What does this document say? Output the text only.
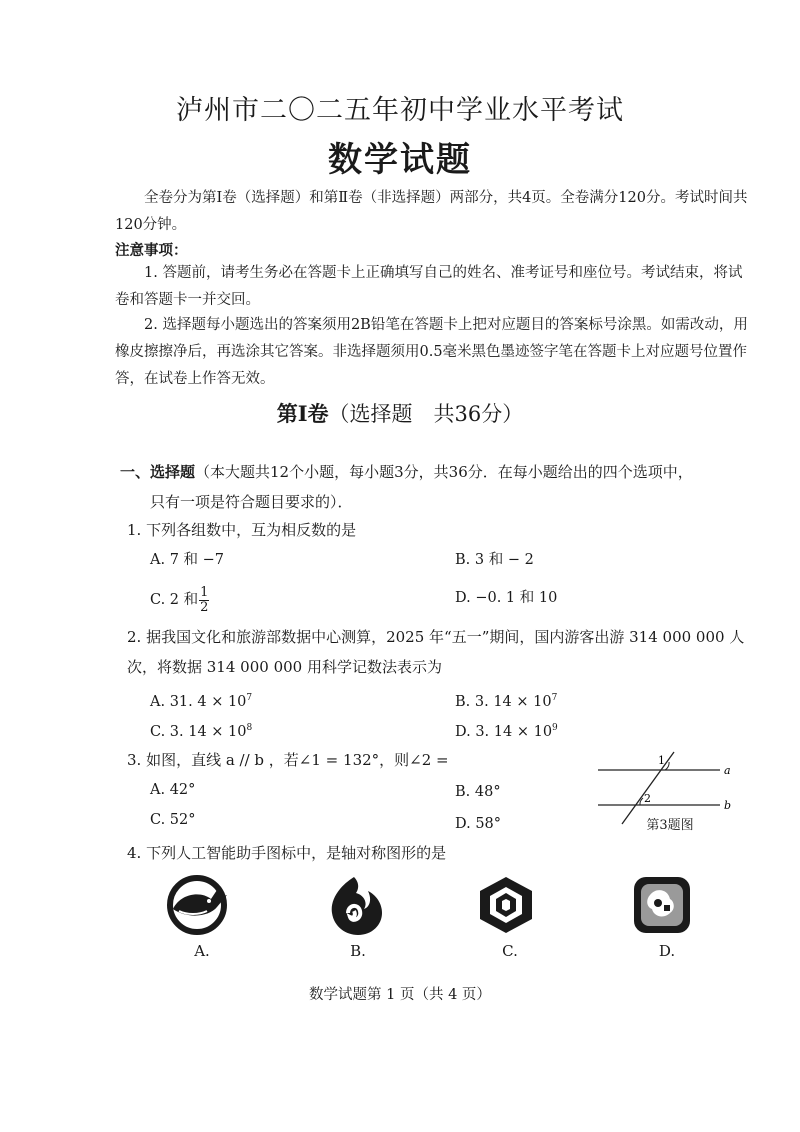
泸州市二〇二五年初中学业水平考试
数学试题
全卷分为第Ⅰ卷（选择题）和第Ⅱ卷（非选择题）两部分，共4页。全卷满分120分。考试时间共120分钟。
注意事项：
1. 答题前，请考生务必在答题卡上正确填写自己的姓名、准考证号和座位号。考试结束，将试卷和答题卡一并交回。
2. 选择题每小题选出的答案须用2B铅笔在答题卡上把对应题目的答案标号涂黑。如需改动，用橡皮擦擦净后，再选涂其它答案。非选择题须用0.5毫米黑色墨迹签字笔在答题卡上对应题号位置作答，在试卷上作答无效。
第Ⅰ卷（选择题　共36分）
一、选择题（本大题共12个小题，每小题3分，共36分．在每小题给出的四个选项中，
只有一项是符合题目要求的）．
1. 下列各组数中，互为相反数的是
A. 7 和 −7	B. 3 和 − 2
C. 2 和 $\frac{1}{2}$	D. −0. 1 和 10
2. 据我国文化和旅游部数据中心测算，2025 年“五一”期间，国内游客出游 314 000 000 人
次，将数据 314 000 000 用科学记数法表示为
A. 31. $4 \times 10^7$	B. 3. $14 \times 10^7$
C. 3. $14 \times 10^8$	D. 3. $14 \times 10^9$
3. 如图，直线 a // b ，若∠1 = 132°，则∠2 =
A. 42°	B. 48°
C. 52°	D. 58°
a
b
1
2
第3题图
4. 下列人工智能助手图标中，是轴对称图形的是
A.	B.	C.	D.
数学试题第 1 页（共 4 页）
